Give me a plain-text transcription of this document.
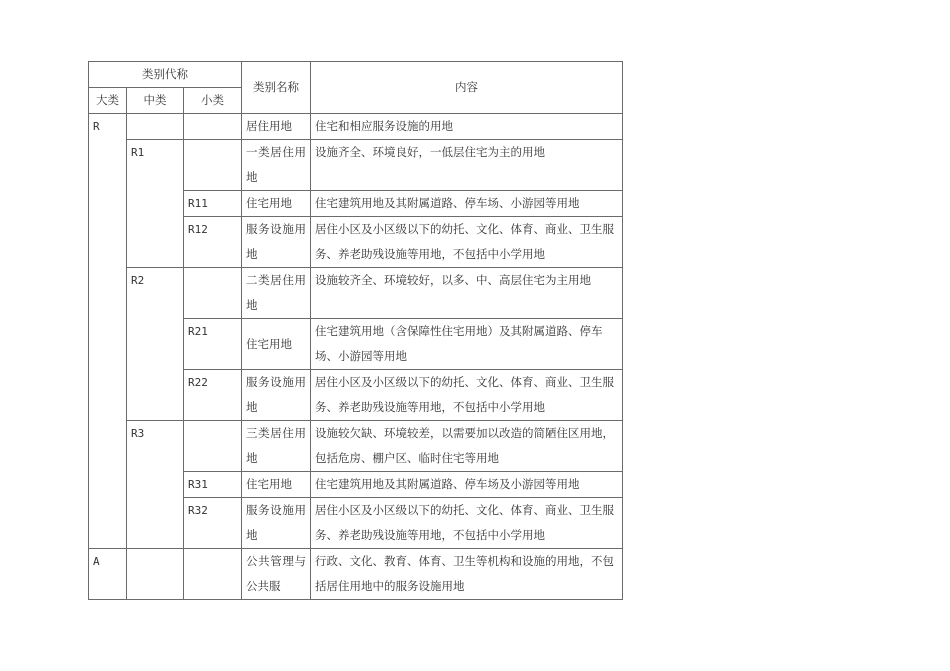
类别代称			类别名称	内容
大类	中类	小类		
R			居住用地	住宅和相应服务设施的用地

	R1		一类居住用地	设施齐全、环境良好，一低层住宅为主的用地

		R11	住宅用地	住宅建筑用地及其附属道路、停车场、小游园等用地

		R12	服务设施用地	居住小区及小区级以下的幼托、文化、体育、商业、卫生服务、养老助残设施等用地，不包括中小学用地

	R2		二类居住用地	设施较齐全、环境较好，以多、中、高层住宅为主用地

		R21	住宅用地	住宅建筑用地（含保障性住宅用地）及其附属道路、停车场、小游园等用地

		R22	服务设施用地	居住小区及小区级以下的幼托、文化、体育、商业、卫生服务、养老助残设施等用地，不包括中小学用地

	R3		三类居住用地	设施较欠缺、环境较差，以需要加以改造的简陋住区用地，包括危房、棚户区、临时住宅等用地

		R31	住宅用地	住宅建筑用地及其附属道路、停车场及小游园等用地

		R32	服务设施用地	居住小区及小区级以下的幼托、文化、体育、商业、卫生服务、养老助残设施等用地，不包括中小学用地

A			公共管理与公共服	行政、文化、教育、体育、卫生等机构和设施的用地，不包括居住用地中的服务设施用地
